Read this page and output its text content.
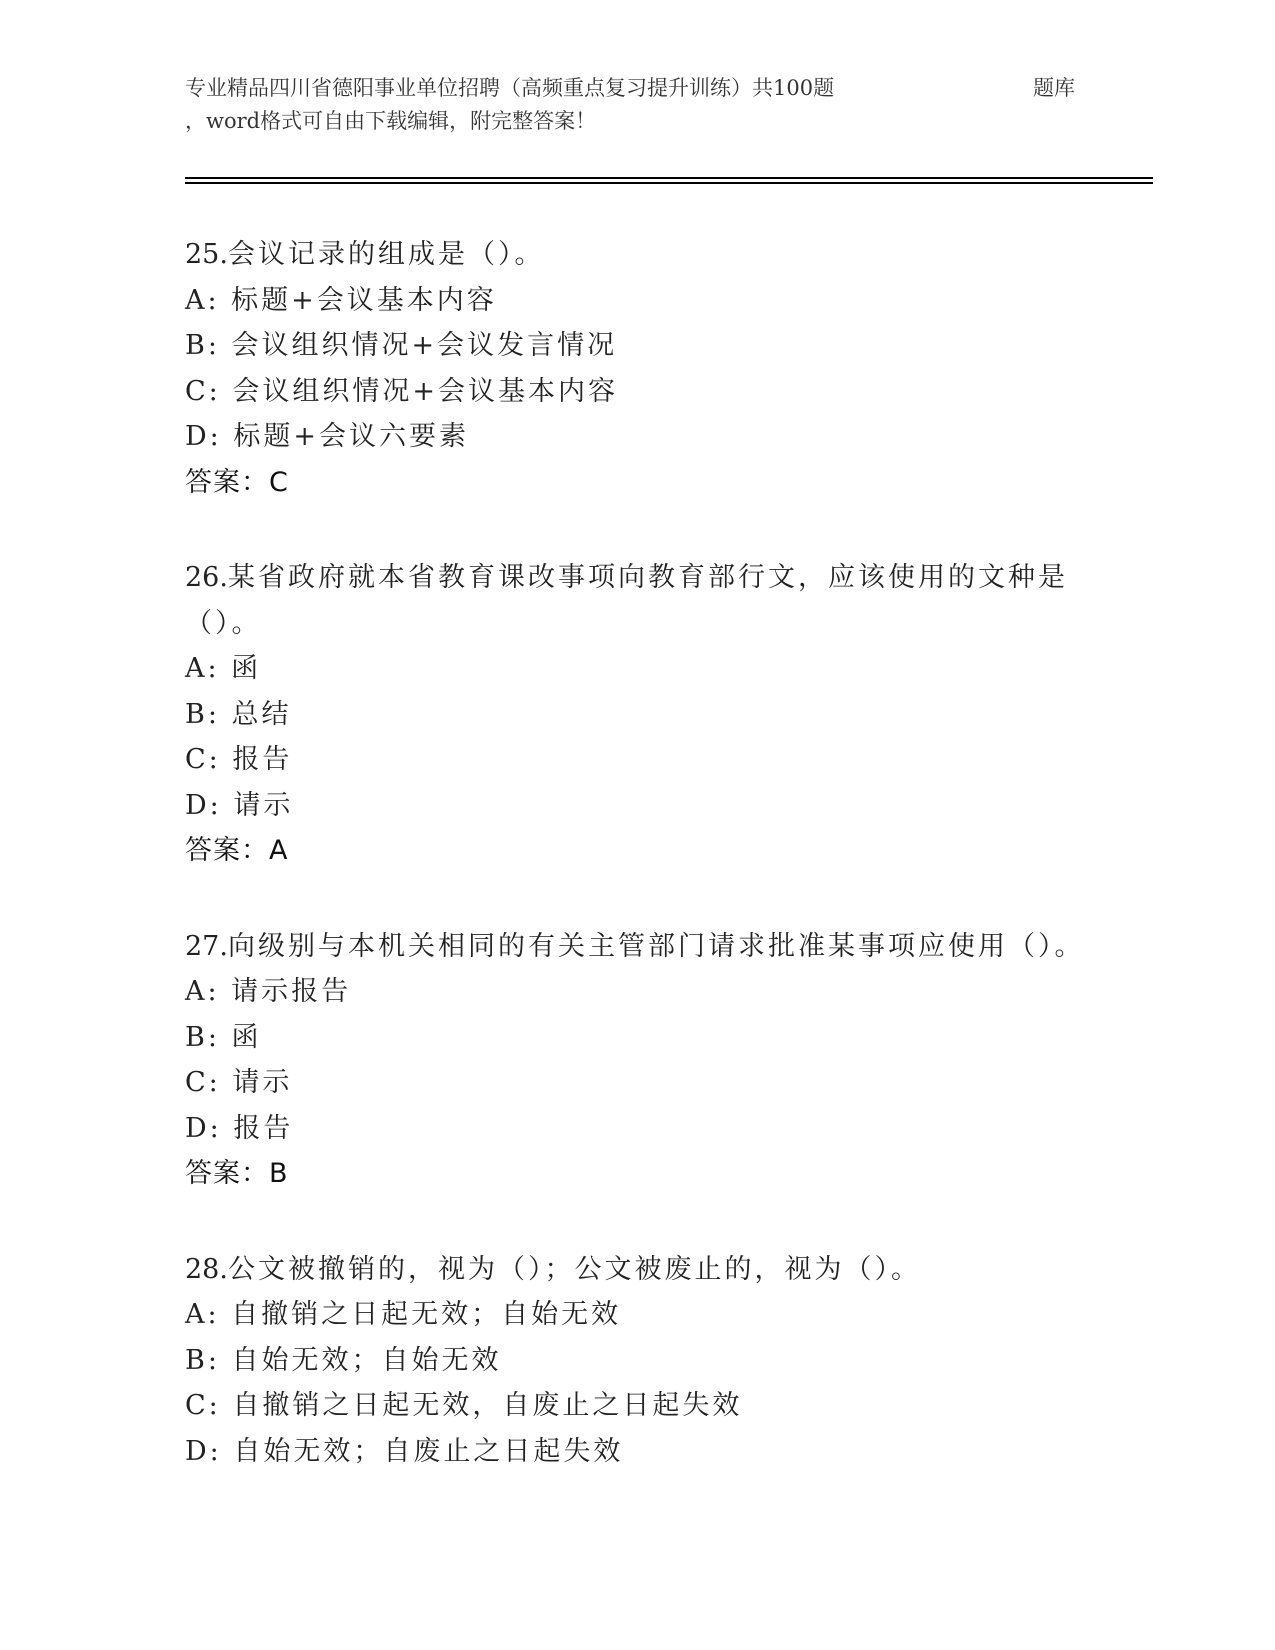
专业精品四川省德阳事业单位招聘（高频重点复习提升训练）共100题	题库
，word格式可自由下载编辑，附完整答案！
25.会议记录的组成是（）。
A: 标题+会议基本内容
B: 会议组织情况+会议发言情况
C: 会议组织情况+会议基本内容
D: 标题+会议六要素
答案：C
26.某省政府就本省教育课改事项向教育部行文，应该使用的文种是（）。
A: 函
B: 总结
C: 报告
D: 请示
答案：A
27.向级别与本机关相同的有关主管部门请求批准某事项应使用（）。
A: 请示报告
B: 函
C: 请示
D: 报告
答案：B
28.公文被撤销的，视为（）；公文被废止的，视为（）。
A: 自撤销之日起无效；自始无效
B: 自始无效；自始无效
C: 自撤销之日起无效，自废止之日起失效
D: 自始无效；自废止之日起失效
